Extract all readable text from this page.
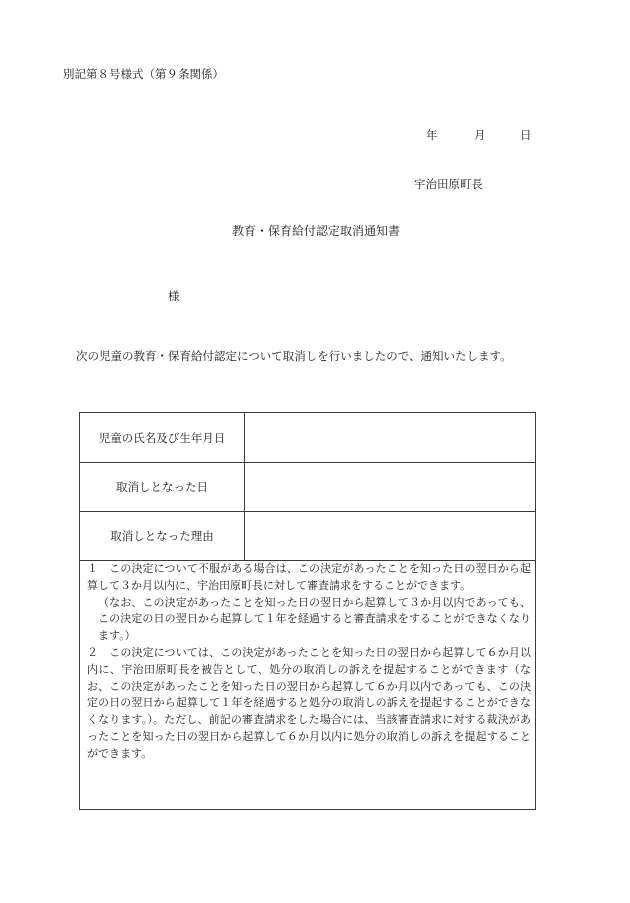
別記第８号様式（第９条関係）
年	月	日
宇治田原町長
教育・保育給付認定取消通知書
様
次の児童の教育・保育給付認定について取消しを行いましたので、通知いたします。
児童の氏名及び生年月日
取消しとなった日
取消しとなった理由

１　この決定について不服がある場合は、この決定があったことを知った日の翌日から起算して３か月以内に、宇治田原町長に対して審査請求をすることができます。

（なお、この決定があったことを知った日の翌日から起算して３か月以内であっても、この決定の日の翌日から起算して１年を経過すると審査請求をすることができなくなります。）

２　この決定については、この決定があったことを知った日の翌日から起算して６か月以内に、宇治田原町長を被告として、処分の取消しの訴えを提起することができます（なお、この決定があったことを知った日の翌日から起算して６か月以内であっても、この決定の日の翌日から起算して１年を経過すると処分の取消しの訴えを提起することができなくなります。）。ただし、前記の審査請求をした場合には、当該審査請求に対する裁決があったことを知った日の翌日から起算して６か月以内に処分の取消しの訴えを提起することができます。
